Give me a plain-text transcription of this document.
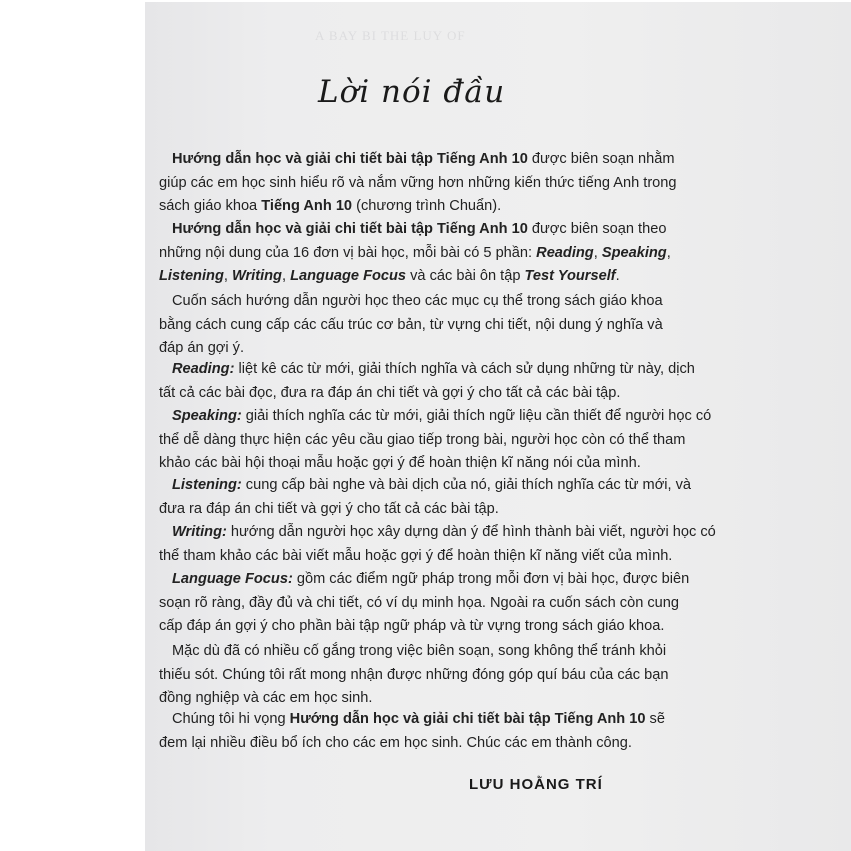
A BAY BI THE LUY OF
Lời nói đầu
Hướng dẫn học và giải chi tiết bài tập Tiếng Anh 10 được biên soạn nhằm
giúp các em học sinh hiểu rõ và nắm vững hơn những kiến thức tiếng Anh trong
sách giáo khoa Tiếng Anh 10 (chương trình Chuẩn).
Hướng dẫn học và giải chi tiết bài tập Tiếng Anh 10 được biên soạn theo
những nội dung của 16 đơn vị bài học, mỗi bài có 5 phần: Reading, Speaking,
Listening, Writing, Language Focus và các bài ôn tập Test Yourself.
Cuốn sách hướng dẫn người học theo các mục cụ thể trong sách giáo khoa
bằng cách cung cấp các cấu trúc cơ bản, từ vựng chi tiết, nội dung ý nghĩa và
đáp án gợi ý.
Reading: liệt kê các từ mới, giải thích nghĩa và cách sử dụng những từ này, dịch
tất cả các bài đọc, đưa ra đáp án chi tiết và gợi ý cho tất cả các bài tập.
Speaking: giải thích nghĩa các từ mới, giải thích ngữ liệu cần thiết để người học có
thể dễ dàng thực hiện các yêu cầu giao tiếp trong bài, người học còn có thể tham
khảo các bài hội thoại mẫu hoặc gợi ý để hoàn thiện kĩ năng nói của mình.
Listening: cung cấp bài nghe và bài dịch của nó, giải thích nghĩa các từ mới, và
đưa ra đáp án chi tiết và gợi ý cho tất cả các bài tập.
Writing: hướng dẫn người học xây dựng dàn ý để hình thành bài viết, người học có
thể tham khảo các bài viết mẫu hoặc gợi ý để hoàn thiện kĩ năng viết của mình.
Language Focus: gồm các điểm ngữ pháp trong mỗi đơn vị bài học, được biên
soạn rõ ràng, đầy đủ và chi tiết, có ví dụ minh họa. Ngoài ra cuốn sách còn cung
cấp đáp án gợi ý cho phần bài tập ngữ pháp và từ vựng trong sách giáo khoa.
Mặc dù đã có nhiều cố gắng trong việc biên soạn, song không thể tránh khỏi
thiếu sót. Chúng tôi rất mong nhận được những đóng góp quí báu của các bạn
đồng nghiệp và các em học sinh.
Chúng tôi hi vọng Hướng dẫn học và giải chi tiết bài tập Tiếng Anh 10 sẽ
đem lại nhiều điều bổ ích cho các em học sinh. Chúc các em thành công.
LƯU HOẰNG TRÍ
